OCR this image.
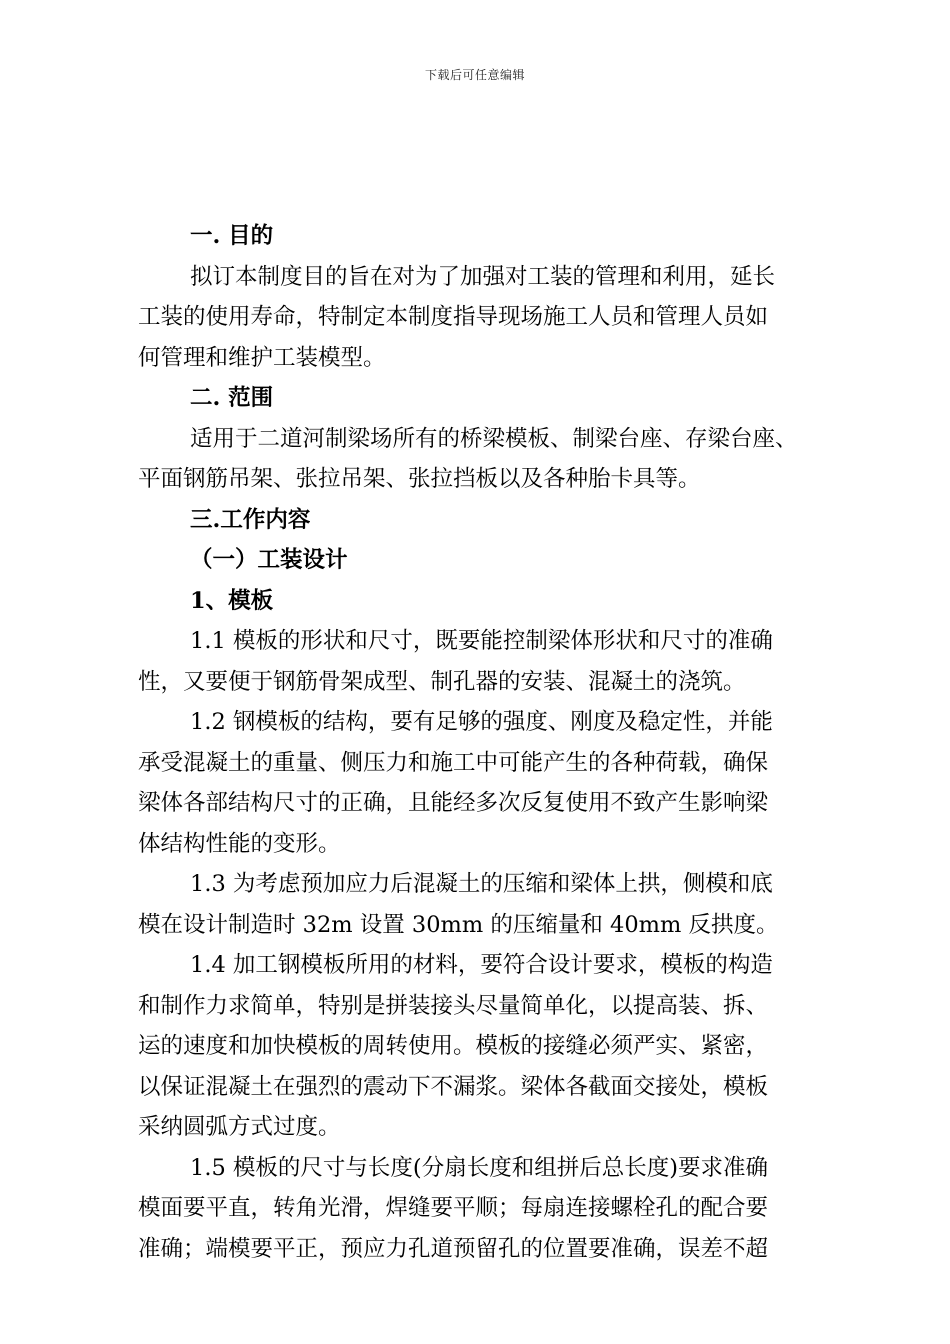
下载后可任意编辑
一. 目的
拟订本制度目的旨在对为了加强对工装的管理和利用，延长
工装的使用寿命，特制定本制度指导现场施工人员和管理人员如
何管理和维护工装模型。
二. 范围
适用于二道河制梁场所有的桥梁模板、制梁台座、存梁台座、
平面钢筋吊架、张拉吊架、张拉挡板以及各种胎卡具等。
三.工作内容
（一）工装设计
1、模板
1.1 模板的形状和尺寸，既要能控制梁体形状和尺寸的准确
性，又要便于钢筋骨架成型、制孔器的安装、混凝土的浇筑。
1.2 钢模板的结构，要有足够的强度、刚度及稳定性，并能
承受混凝土的重量、侧压力和施工中可能产生的各种荷载，确保
梁体各部结构尺寸的正确，且能经多次反复使用不致产生影响梁
体结构性能的变形。
1.3 为考虑预加应力后混凝土的压缩和梁体上拱，侧模和底
模在设计制造时 32m 设置 30mm 的压缩量和 40mm 反拱度。
1.4 加工钢模板所用的材料，要符合设计要求，模板的构造
和制作力求简单，特别是拼装接头尽量简单化，以提高装、拆、
运的速度和加快模板的周转使用。模板的接缝必须严实、紧密，
以保证混凝土在强烈的震动下不漏浆。梁体各截面交接处，模板
采纳圆弧方式过度。
1.5 模板的尺寸与长度(分扇长度和组拼后总长度)要求准确
模面要平直，转角光滑，焊缝要平顺；每扇连接螺栓孔的配合要
准确；端模要平正，预应力孔道预留孔的位置要准确，误差不超
